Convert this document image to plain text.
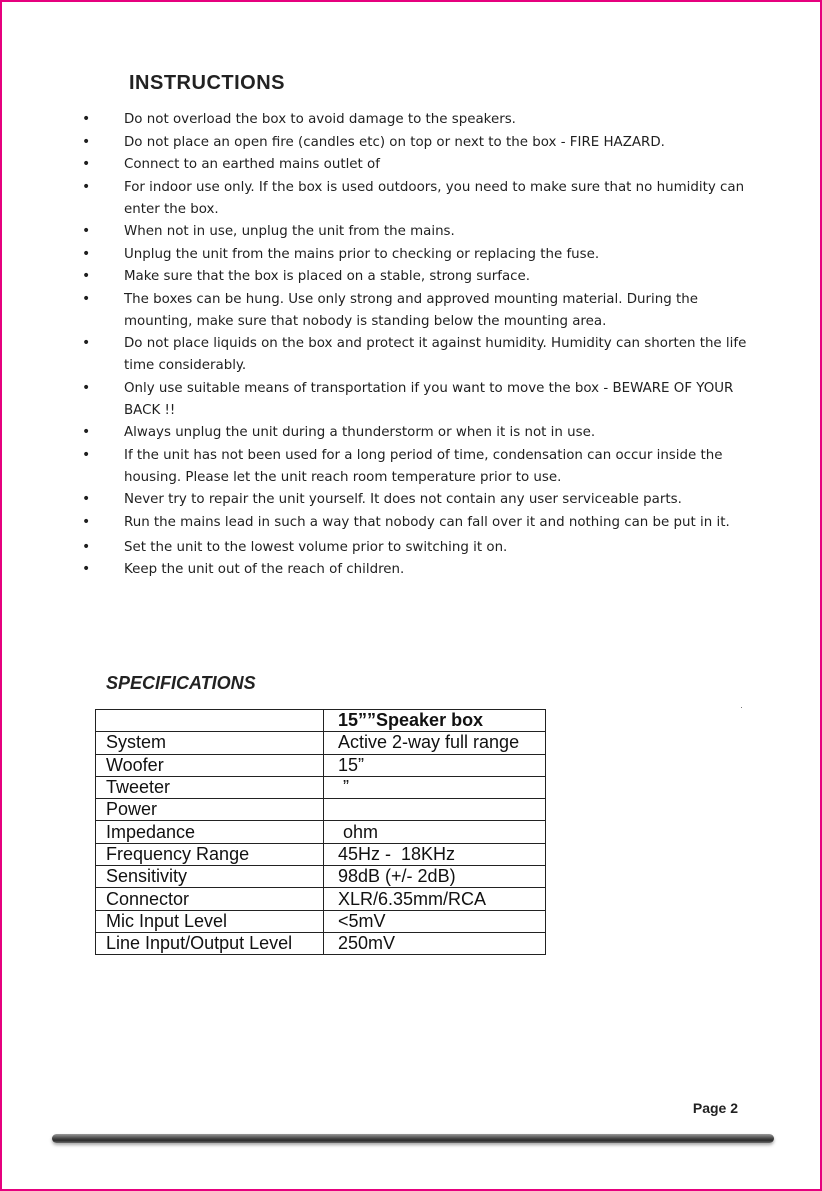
INSTRUCTIONS
• Do not overload the box to avoid damage to the speakers.
• Do not place an open fire (candles etc) on top or next to the box - FIRE HAZARD.
• Connect to an earthed mains outlet of
• For indoor use only. If the box is used outdoors, you need to make sure that no humidity can enter the box.
• When not in use, unplug the unit from the mains.
• Unplug the unit from the mains prior to checking or replacing the fuse.
• Make sure that the box is placed on a stable, strong surface.
• The boxes can be hung. Use only strong and approved mounting material. During the mounting, make sure that nobody is standing below the mounting area.
• Do not place liquids on the box and protect it against humidity. Humidity can shorten the life time considerably.
• Only use suitable means of transportation if you want to move the box - BEWARE OF YOUR BACK !!
• Always unplug the unit during a thunderstorm or when it is not in use.
• If the unit has not been used for a long period of time, condensation can occur inside the housing. Please let the unit reach room temperature prior to use.
• Never try to repair the unit yourself. It does not contain any user serviceable parts.
• Run the mains lead in such a way that nobody can fall over it and nothing can be put in it.
• Set the unit to the lowest volume prior to switching it on.
• Keep the unit out of the reach of children.
SPECIFICATIONS
	15””Speaker box
System	Active 2-way full range
Woofer	15”
Tweeter	”
Power	
Impedance	ohm
Frequency Range	45Hz -  18KHz
Sensitivity	98dB (+/- 2dB)
Connector	XLR/6.35mm/RCA
Mic Input Level	<5mV
Line Input/Output Level	250mV
Page 2
